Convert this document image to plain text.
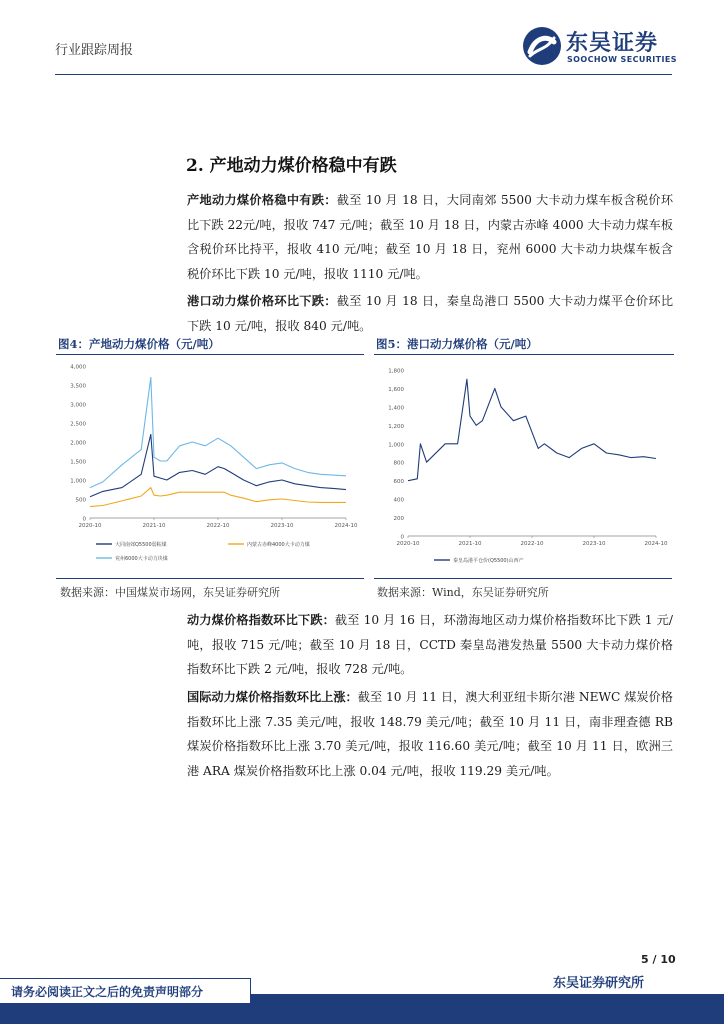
行业跟踪周报	东吴证券
SOOCHOW SECURITIES
2. 产地动力煤价格稳中有跌
产地动力煤价格稳中有跌：截至 10 月 18 日，大同南郊 5500 大卡动力煤车板含税价环比下跌 22元/吨，报收 747 元/吨；截至 10 月 18 日，内蒙古赤峰 4000 大卡动力煤车板含税价环比持平，报收 410 元/吨；截至 10 月 18 日，兖州 6000 大卡动力块煤车板含税价环比下跌 10 元/吨，报收 1110 元/吨。
港口动力煤价格环比下跌：截至 10 月 18 日，秦皇岛港口 5500 大卡动力煤平仓价环比下跌 10 元/吨，报收 840 元/吨。
图4：产地动力煤价格（元/吨）	图5：港口动力煤价格（元/吨）
0
500
1,000
1,500
2,000
2,500
3,000
3,500
4,000
2020-10	2021-10	2022-10	2023-10	2024-10
大同南郊Q5500弱粘煤	内蒙古赤峰4000大卡动力煤
兖州6000大卡动力块煤
0
200
400
600
800
1,000
1,200
1,400
1,600
1,800
2020-10	2021-10	2022-10	2023-10	2024-10
秦皇岛港平仓价(Q5500)山西产
数据来源：中国煤炭市场网，东吴证券研究所	数据来源：Wind，东吴证券研究所
动力煤价格指数环比下跌：截至 10 月 16 日，环渤海地区动力煤价格指数环比下跌 1 元/吨，报收 715 元/吨；截至 10 月 18 日，CCTD 秦皇岛港发热量 5500 大卡动力煤价格指数环比下跌 2 元/吨，报收 728 元/吨。
国际动力煤价格指数环比上涨：截至 10 月 11 日，澳大利亚纽卡斯尔港 NEWC 煤炭价格指数环比上涨 7.35 美元/吨，报收 148.79 美元/吨；截至 10 月 11 日，南非理查德 RB 煤炭价格指数环比上涨 3.70 美元/吨，报收 116.60 美元/吨；截至 10 月 11 日，欧洲三港 ARA 煤炭价格指数环比上涨 0.04 元/吨，报收 119.29 美元/吨。
5 / 10
东吴证券研究所
请务必阅读正文之后的免责声明部分
